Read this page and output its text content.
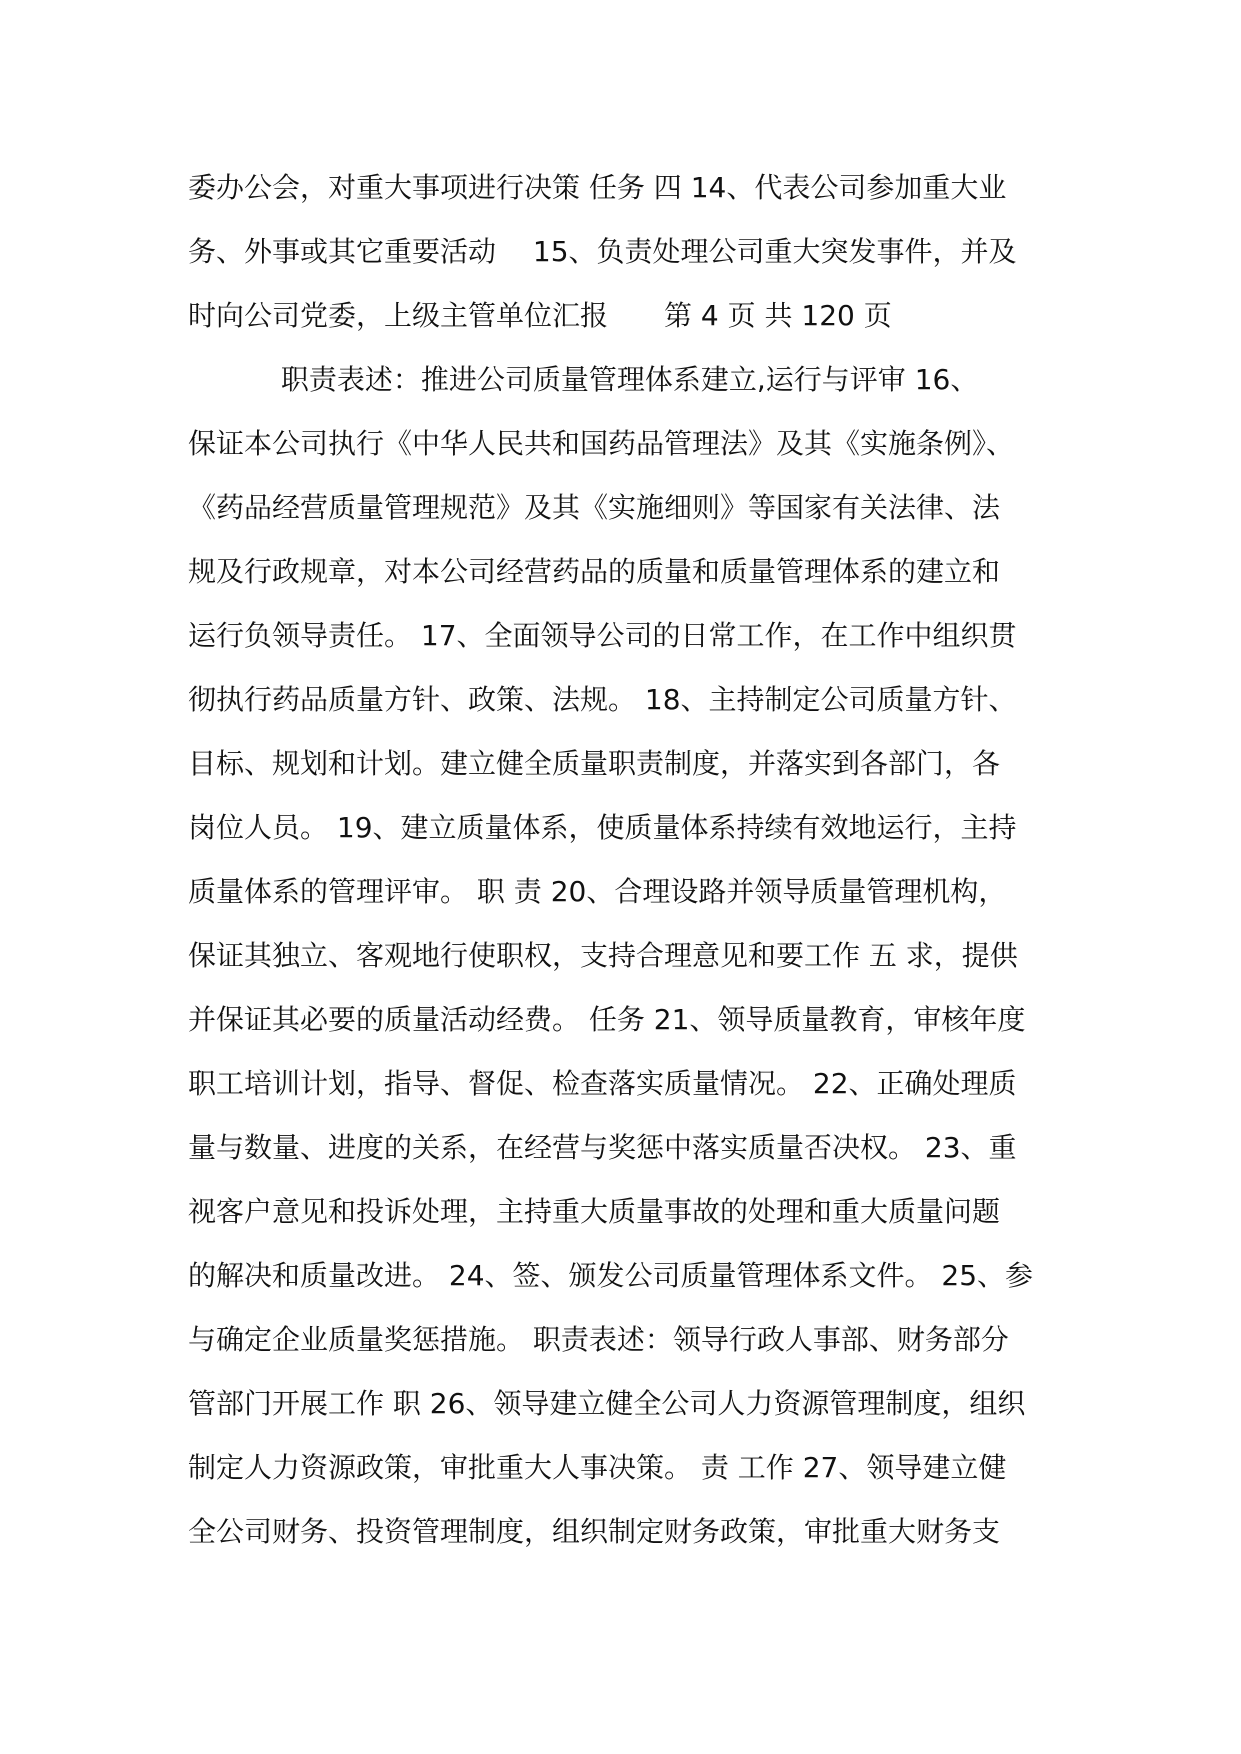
委办公会，对重大事项进行决策 任务 四 14、代表公司参加重大业
务、外事或其它重要活动　 15、负责处理公司重大突发事件，并及
时向公司党委，上级主管单位汇报　　第 4 页 共 120 页
　　　 职责表述：推进公司质量管理体系建立,运行与评审 16、
保证本公司执行《中华人民共和国药品管理法》及其《实施条例》、
《药品经营质量管理规范》及其《实施细则》等国家有关法律、法
规及行政规章，对本公司经营药品的质量和质量管理体系的建立和
运行负领导责任。 17、全面领导公司的日常工作，在工作中组织贯
彻执行药品质量方针、政策、法规。 18、主持制定公司质量方针、
目标、规划和计划。建立健全质量职责制度，并落实到各部门，各
岗位人员。 19、建立质量体系，使质量体系持续有效地运行，主持
质量体系的管理评审。 职 责 20、合理设路并领导质量管理机构，
保证其独立、客观地行使职权，支持合理意见和要工作 五 求，提供
并保证其必要的质量活动经费。 任务 21、领导质量教育，审核年度
职工培训计划，指导、督促、检查落实质量情况。 22、正确处理质
量与数量、进度的关系，在经营与奖惩中落实质量否决权。 23、重
视客户意见和投诉处理，主持重大质量事故的处理和重大质量问题
的解决和质量改进。 24、签、颁发公司质量管理体系文件。 25、参
与确定企业质量奖惩措施。 职责表述：领导行政人事部、财务部分
管部门开展工作 职 26、领导建立健全公司人力资源管理制度，组织
制定人力资源政策，审批重大人事决策。 责 工作 27、领导建立健
全公司财务、投资管理制度，组织制定财务政策，审批重大财务支
